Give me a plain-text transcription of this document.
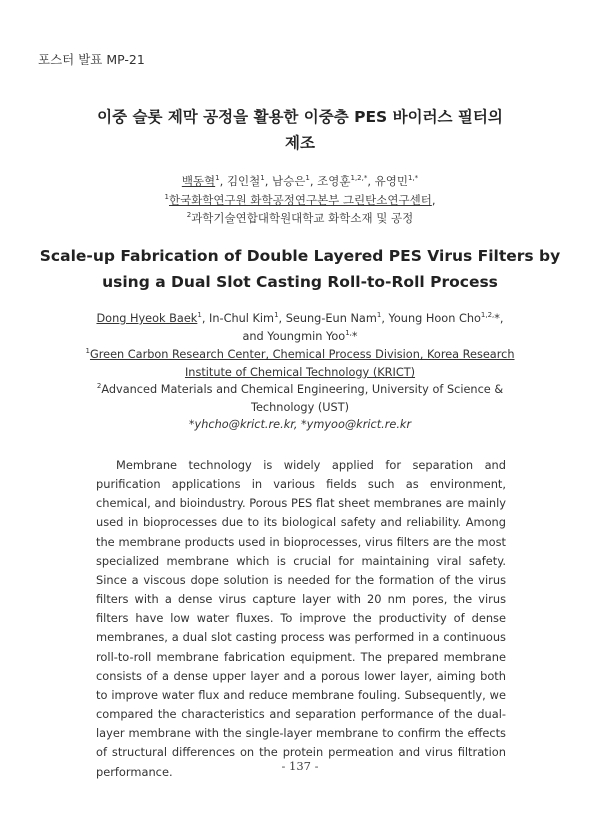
포스터 발표 MP-21
이중 슬롯 제막 공정을 활용한 이중층 PES 바이러스 필터의
제조
백동혁$^1$, 김인철$^1$, 남승은$^1$, 조영훈$^{1,2,*}$, 유영민$^{1,*}$
$^1$한국화학연구원 화학공정연구본부 그린탄소연구센터,
$^2$과학기술연합대학원대학교 화학소재 및 공정
Scale-up Fabrication of Double Layered PES Virus Filters by
using a Dual Slot Casting Roll-to-Roll Process
Dong Hyeok Baek$^1$, In-Chul Kim$^1$, Seung-Eun Nam$^1$, Young Hoon Cho$^{1,2,}$*,
and Youngmin Yoo$^{1,}$*
$^1$Green Carbon Research Center, Chemical Process Division, Korea Research
Institute of Chemical Technology (KRICT)
$^2$Advanced Materials and Chemical Engineering, University of Science &
Technology (UST)
*yhcho@krict.re.kr, *ymyoo@krict.re.kr

Membrane technology is widely applied for separation and purification applications in various fields such as environment, chemical, and bioindustry. Porous PES flat sheet membranes are mainly used in bioprocesses due to its biological safety and reliability. Among the membrane products used in bioprocesses, virus filters are the most specialized membrane which is crucial for maintaining viral safety. Since a viscous dope solution is needed for the formation of the virus filters with a dense virus capture layer with 20 nm pores, the virus filters have low water fluxes. To improve the productivity of dense membranes, a dual slot casting process was performed in a continuous roll-to-roll membrane fabrication equipment. The prepared membrane consists of a dense upper layer and a porous lower layer, aiming both to improve water flux and reduce membrane fouling. Subsequently, we compared the characteristics and separation performance of the dual-layer membrane with the single-layer membrane to confirm the effects of structural differences on the protein permeation and virus filtration performance.	- 137 -
